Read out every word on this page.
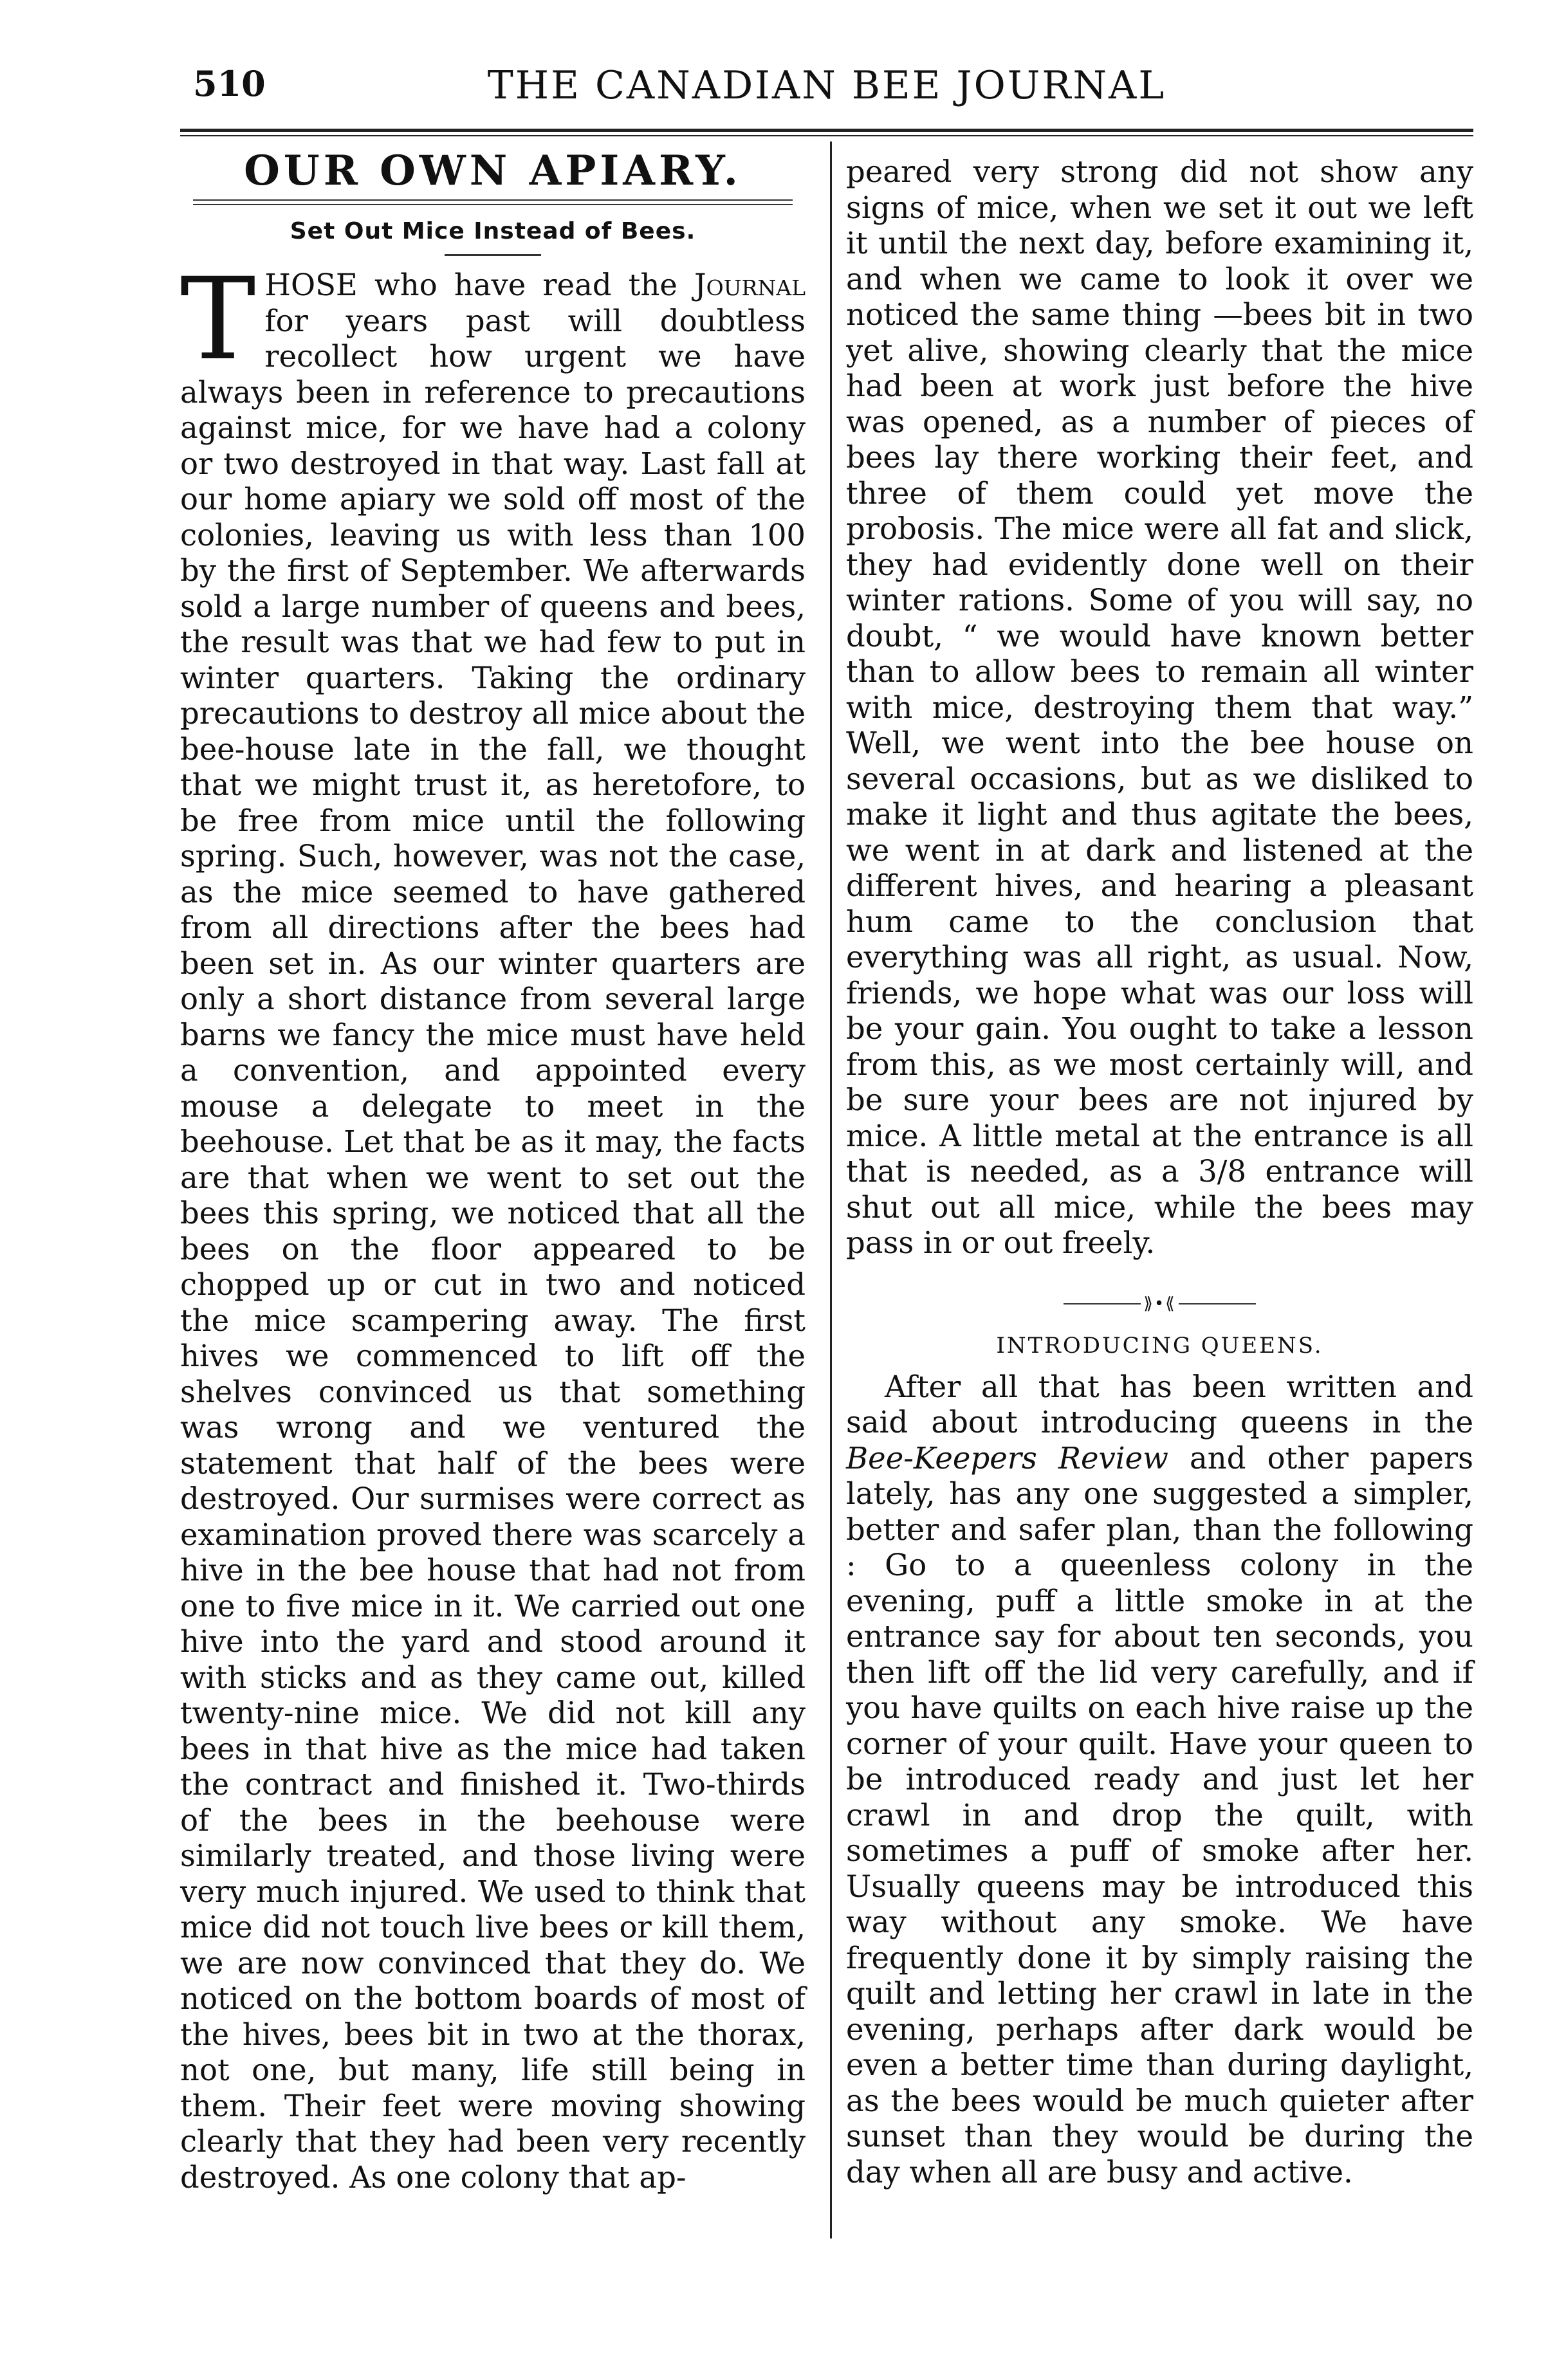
510	THE CANADIAN BEE JOURNAL
OUR OWN APIARY.
Set Out Mice Instead of Bees.

THOSE who have read the Journal for years past will doubtless recollect how urgent we have always been in reference to precautions against mice, for we have had a colony or two destroyed in that way. Last fall at our home apiary we sold off most of the colonies, leaving us with less than 100 by the first of September. We afterwards sold a large number of queens and bees, the result was that we had few to put in winter quarters. Taking the ordinary precautions to destroy all mice about the bee-house late in the fall, we thought that we might trust it, as heretofore, to be free from mice until the following spring. Such, however, was not the case, as the mice seemed to have gathered from all directions after the bees had been set in. As our winter quarters are only a short distance from several large barns we fancy the mice must have held a convention, and appointed every mouse a delegate to meet in the beehouse. Let that be as it may, the facts are that when we went to set out the bees this spring, we noticed that all the bees on the floor appeared to be chopped up or cut in two and noticed the mice scampering away. The first hives we commenced to lift off the shelves convinced us that something was wrong and we ventured the statement that half of the bees were destroyed. Our surmises were correct as examination proved there was scarcely a hive in the bee house that had not from one to five mice in it. We carried out one hive into the yard and stood around it with sticks and as they came out, killed twenty-nine mice. We did not kill any bees in that hive as the mice had taken the contract and finished it. Two-thirds of the bees in the beehouse were similarly treated, and those living were very much injured. We used to think that mice did not touch live bees or kill them, we are now convinced that they do. We noticed on the bottom boards of most of the hives, bees bit in two at the thorax, not one, but many, life still being in them. Their feet were moving showing clearly that they had been very recently destroyed. As one colony that ap-

peared very strong did not show any signs of mice, when we set it out we left it until the next day, before examining it, and when we came to look it over we noticed the same thing —bees bit in two yet alive, showing clearly that the mice had been at work just before the hive was opened, as a number of pieces of bees lay there working their feet, and three of them could yet move the probosis. The mice were all fat and slick, they had evidently done well on their winter rations. Some of you will say, no doubt, “ we would have known better than to allow bees to remain all winter with mice, destroying them that way.” Well, we went into the bee house on several occasions, but as we disliked to make it light and thus agitate the bees, we went in at dark and listened at the different hives, and hearing a pleasant hum came to the conclusion that everything was all right, as usual. Now, friends, we hope what was our loss will be your gain. You ought to take a lesson from this, as we most certainly will, and be sure your bees are not injured by mice. A little metal at the entrance is all that is needed, as a 3/8 entrance will shut out all mice, while the bees may pass in or out freely.

⟫•⟪
INTRODUCING QUEENS.

After all that has been written and said about introducing queens in the Bee-Keepers Review and other papers lately, has any one suggested a simpler, better and safer plan, than the following : Go to a queenless colony in the evening, puff a little smoke in at the entrance say for about ten seconds, you then lift off the lid very carefully, and if you have quilts on each hive raise up the corner of your quilt. Have your queen to be introduced ready and just let her crawl in and drop the quilt, with sometimes a puff of smoke after her. Usually queens may be introduced this way without any smoke. We have frequently done it by simply raising the quilt and letting her crawl in late in the evening, perhaps after dark would be even a better time than during daylight, as the bees would be much quieter after sunset than they would be during the day when all are busy and active.
